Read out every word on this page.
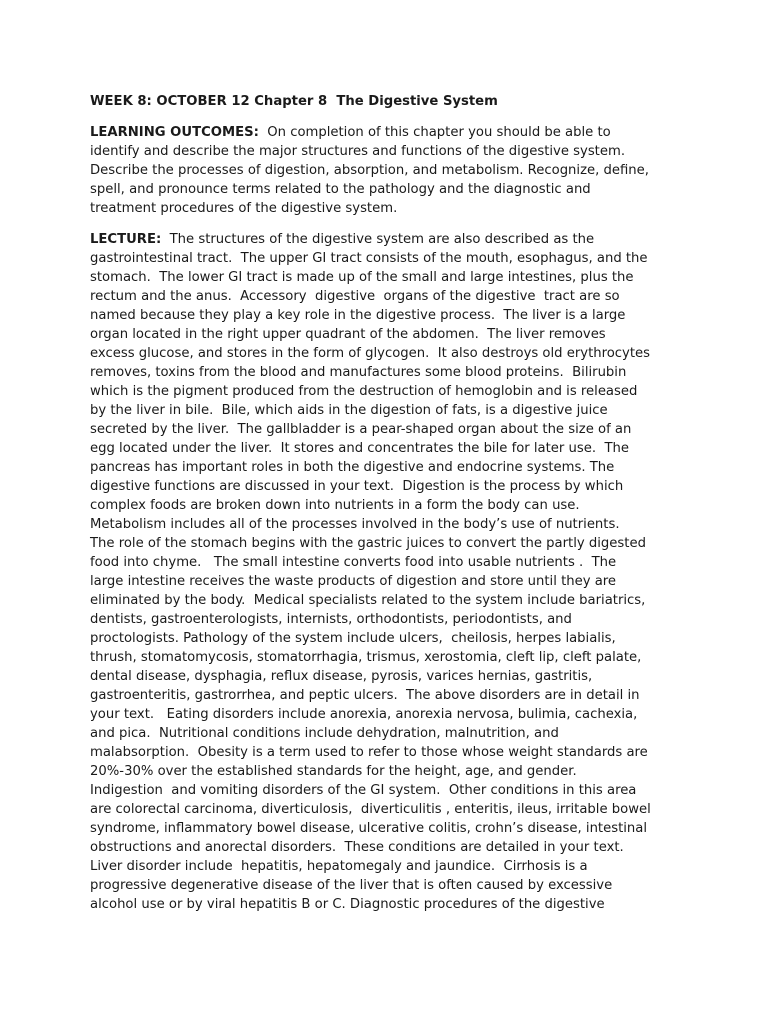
WEEK 8: OCTOBER 12 Chapter 8  The Digestive System
LEARNING OUTCOMES:  On completion of this chapter you should be able to
identify and describe the major structures and functions of the digestive system.
Describe the processes of digestion, absorption, and metabolism. Recognize, define,
spell, and pronounce terms related to the pathology and the diagnostic and
treatment procedures of the digestive system.
LECTURE:  The structures of the digestive system are also described as the
gastrointestinal tract.  The upper GI tract consists of the mouth, esophagus, and the
stomach.  The lower GI tract is made up of the small and large intestines, plus the
rectum and the anus.  Accessory  digestive  organs of the digestive  tract are so
named because they play a key role in the digestive process.  The liver is a large
organ located in the right upper quadrant of the abdomen.  The liver removes
excess glucose, and stores in the form of glycogen.  It also destroys old erythrocytes
removes, toxins from the blood and manufactures some blood proteins.  Bilirubin
which is the pigment produced from the destruction of hemoglobin and is released
by the liver in bile.  Bile, which aids in the digestion of fats, is a digestive juice
secreted by the liver.  The gallbladder is a pear-shaped organ about the size of an
egg located under the liver.  It stores and concentrates the bile for later use.  The
pancreas has important roles in both the digestive and endocrine systems. The
digestive functions are discussed in your text.  Digestion is the process by which
complex foods are broken down into nutrients in a form the body can use.
Metabolism includes all of the processes involved in the body’s use of nutrients.
The role of the stomach begins with the gastric juices to convert the partly digested
food into chyme.   The small intestine converts food into usable nutrients .  The
large intestine receives the waste products of digestion and store until they are
eliminated by the body.  Medical specialists related to the system include bariatrics,
dentists, gastroenterologists, internists, orthodontists, periodontists, and
proctologists. Pathology of the system include ulcers,  cheilosis, herpes labialis,
thrush, stomatomycosis, stomatorrhagia, trismus, xerostomia, cleft lip, cleft palate,
dental disease, dysphagia, reflux disease, pyrosis, varices hernias, gastritis,
gastroenteritis, gastrorrhea, and peptic ulcers.  The above disorders are in detail in
your text.   Eating disorders include anorexia, anorexia nervosa, bulimia, cachexia,
and pica.  Nutritional conditions include dehydration, malnutrition, and
malabsorption.  Obesity is a term used to refer to those whose weight standards are
20%-30% over the established standards for the height, age, and gender.
Indigestion  and vomiting disorders of the GI system.  Other conditions in this area
are colorectal carcinoma, diverticulosis,  diverticulitis , enteritis, ileus, irritable bowel
syndrome, inflammatory bowel disease, ulcerative colitis, crohn’s disease, intestinal
obstructions and anorectal disorders.  These conditions are detailed in your text.
Liver disorder include  hepatitis, hepatomegaly and jaundice.  Cirrhosis is a
progressive degenerative disease of the liver that is often caused by excessive
alcohol use or by viral hepatitis B or C. Diagnostic procedures of the digestive
